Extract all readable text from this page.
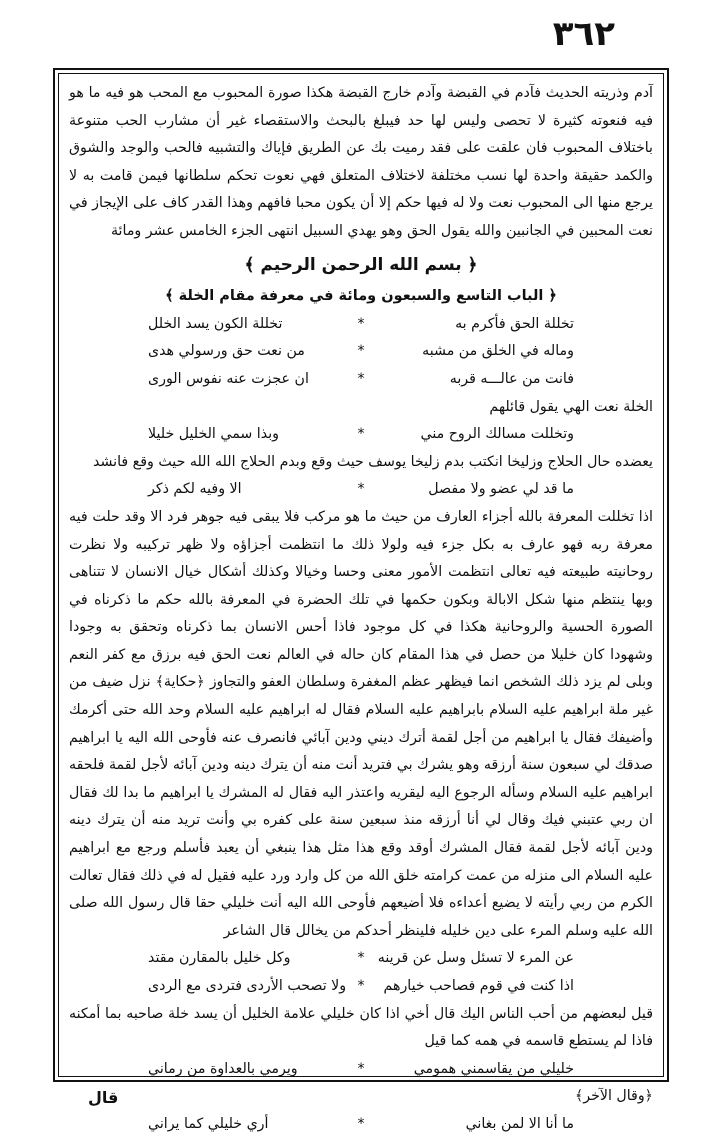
٣٦٢

آدم وذريته الحديث فآدم في القبضة وآدم خارج القبضة هكذا صورة المحبوب مع المحب هو فيه ما هو فيه فنعوته كثيرة لا تحصى وليس لها حد فيبلغ بالبحث والاستقصاء غير أن مشارب الحب متنوعة باختلاف المحبوب فان علقت على فقد رميت بك عن الطريق فإياك والتشبيه فالحب والوجد والشوق والكمد حقيقة واحدة لها نسب مختلفة لاختلاف المتعلق فهي نعوت تحكم سلطانها فيمن قامت به لا يرجع منها الى المحبوب نعت ولا له فيها حكم إلا أن يكون محبا فافهم وهذا القدر كاف على الإيجاز في نعت المحبين في الجانبين والله يقول الحق وهو يهدي السبيل انتهى الجزء الخامس عشر ومائة

﴿ بسم الله الرحمن الرحيم ﴾

﴿ الباب التاسع والسبعون ومائة في معرفة مقام الخلة ﴾

تخللة الحق فأكرم به*تخللة الكون يسد الخلل

وماله في الخلق من مشبه*من نعت حق ورسولي هدى

فانت من عالـــه قربه*ان عجزت عنه نفوس الورى

الخلة نعت الهي يقول قائلهم

وتخللت مسالك الروح مني*وبذا سمي الخليل خليلا

يعضده حال الحلاج وزليخا انكتب بدم زليخا يوسف حيث وقع وبدم الحلاج الله الله حيث وقع فانشد

ما قد لي عضو ولا مفصل*الا وفيه لكم ذكر

اذا تخللت المعرفة بالله أجزاء العارف من حيث ما هو مركب فلا يبقى فيه جوهر فرد الا وقد حلت فيه معرفة ربه فهو عارف به بكل جزء فيه ولولا ذلك ما انتظمت أجزاؤه ولا ظهر تركيبه ولا نظرت روحانيته طبيعته فيه تعالى انتظمت الأمور معنى وحسا وخيالا وكذلك أشكال خيال الانسان لا تتناهى وبها ينتظم منها شكل الابالة وبكون حكمها في تلك الحضرة في المعرفة بالله حكم ما ذكرناه في الصورة الحسية والروحانية هكذا في كل موجود فاذا أحس الانسان بما ذكرناه وتحقق به وجودا وشهودا كان خليلا من حصل في هذا المقام كان حاله في العالم نعت الحق فيه برزق مع كفر النعم وبلى لم يزد ذلك الشخص انما فيظهر عظم المغفرة وسلطان العفو والتجاوز ﴿حكاية﴾ نزل ضيف من غير ملة ابراهيم عليه السلام بابراهيم عليه السلام فقال له ابراهيم عليه السلام وحد الله حتى أكرمك وأضيفك فقال يا ابراهيم من أجل لقمة أترك ديني ودين آبائي فانصرف عنه فأوحى الله اليه يا ابراهيم صدقك لي سبعون سنة أرزقه وهو يشرك بي فتريد أنت منه أن يترك دينه ودين آبائه لأجل لقمة فلحقه ابراهيم عليه السلام وسأله الرجوع اليه ليقريه واعتذر اليه فقال له المشرك يا ابراهيم ما بدا لك فقال ان ربي عتبني فيك وقال لي أنا أرزقه منذ سبعين سنة على كفره بي وأنت تريد منه أن يترك دينه ودين آبائه لأجل لقمة فقال المشرك أوقد وقع هذا مثل هذا ينبغي أن يعبد فأسلم ورجع مع ابراهيم عليه السلام الى منزله من عمت كرامته خلق الله من كل وارد ورد عليه فقيل له في ذلك فقال تعالت الكرم من ربي رأيته لا يضيع أعداءه فلا أضيعهم فأوحى الله اليه أنت خليلي حقا قال رسول الله صلى الله عليه وسلم المرء على دين خليله فلينظر أحدكم من يخالل قال الشاعر

عن المرء لا تسئل وسل عن قرينه*وكل خليل بالمقارن مقتد

اذا كنت في قوم فصاحب خيارهم*ولا تصحب الأردى فتردى مع الردى

قيل لبعضهم من أحب الناس اليك قال أخي اذا كان خليلي علامة الخليل أن يسد خلة صاحبه بما أمكنه فاذا لم يستطع قاسمه في همه كما قيل

خليلي من يقاسمني همومي*ويرمي بالعداوة من رماني

﴿وقال الآخر﴾

ما أنا الا لمن بغاني*أري خليلي كما يراني

قال
